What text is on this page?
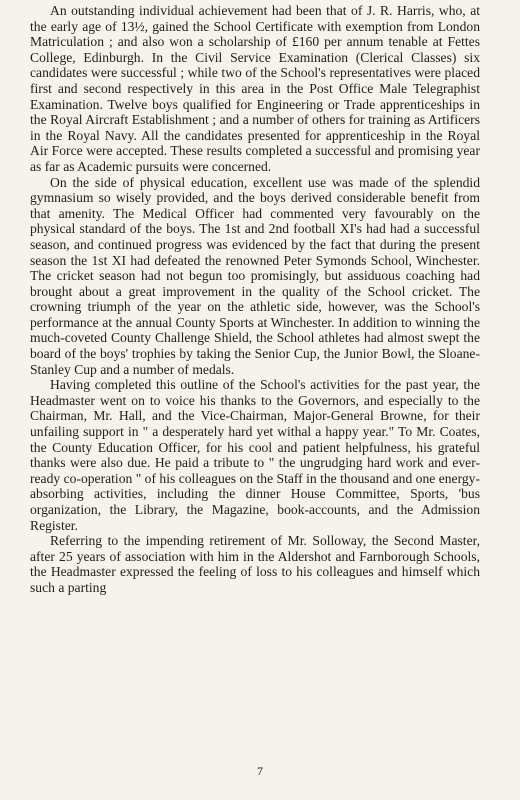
An outstanding individual achievement had been that of J. R. Harris, who, at the early age of 13½, gained the School Certificate with exemption from London Matriculation ; and also won a scholarship of £160 per annum tenable at Fettes College, Edinburgh. In the Civil Service Examination (Clerical Classes) six candidates were successful ; while two of the School's representatives were placed first and second respectively in this area in the Post Office Male Telegraphist Examination. Twelve boys qualified for Engineering or Trade apprenticeships in the Royal Aircraft Establishment ; and a number of others for training as Artificers in the Royal Navy. All the candidates presented for apprenticeship in the Royal Air Force were accepted. These results completed a successful and promising year as far as Academic pursuits were concerned.

On the side of physical education, excellent use was made of the splendid gymnasium so wisely provided, and the boys derived considerable benefit from that amenity. The Medical Officer had commented very favourably on the physical standard of the boys. The 1st and 2nd football XI's had had a successful season, and continued progress was evidenced by the fact that during the present season the 1st XI had defeated the renowned Peter Symonds School, Winchester. The cricket season had not begun too promisingly, but assiduous coaching had brought about a great improvement in the quality of the School cricket. The crowning triumph of the year on the athletic side, however, was the School's performance at the annual County Sports at Winchester. In addition to winning the much-coveted County Challenge Shield, the School athletes had almost swept the board of the boys' trophies by taking the Senior Cup, the Junior Bowl, the Sloane-Stanley Cup and a number of medals.

Having completed this outline of the School's activities for the past year, the Headmaster went on to voice his thanks to the Governors, and especially to the Chairman, Mr. Hall, and the Vice-Chairman, Major-General Browne, for their unfailing support in " a desperately hard yet withal a happy year." To Mr. Coates, the County Education Officer, for his cool and patient helpfulness, his grateful thanks were also due. He paid a tribute to " the ungrudging hard work and ever-ready co-operation " of his colleagues on the Staff in the thousand and one energy-absorbing activities, including the dinner House Committee, Sports, 'bus organization, the Library, the Magazine, book-accounts, and the Admission Register.

Referring to the impending retirement of Mr. Solloway, the Second Master, after 25 years of association with him in the Aldershot and Farnborough Schools, the Headmaster expressed the feeling of loss to his colleagues and himself which such a parting

7
